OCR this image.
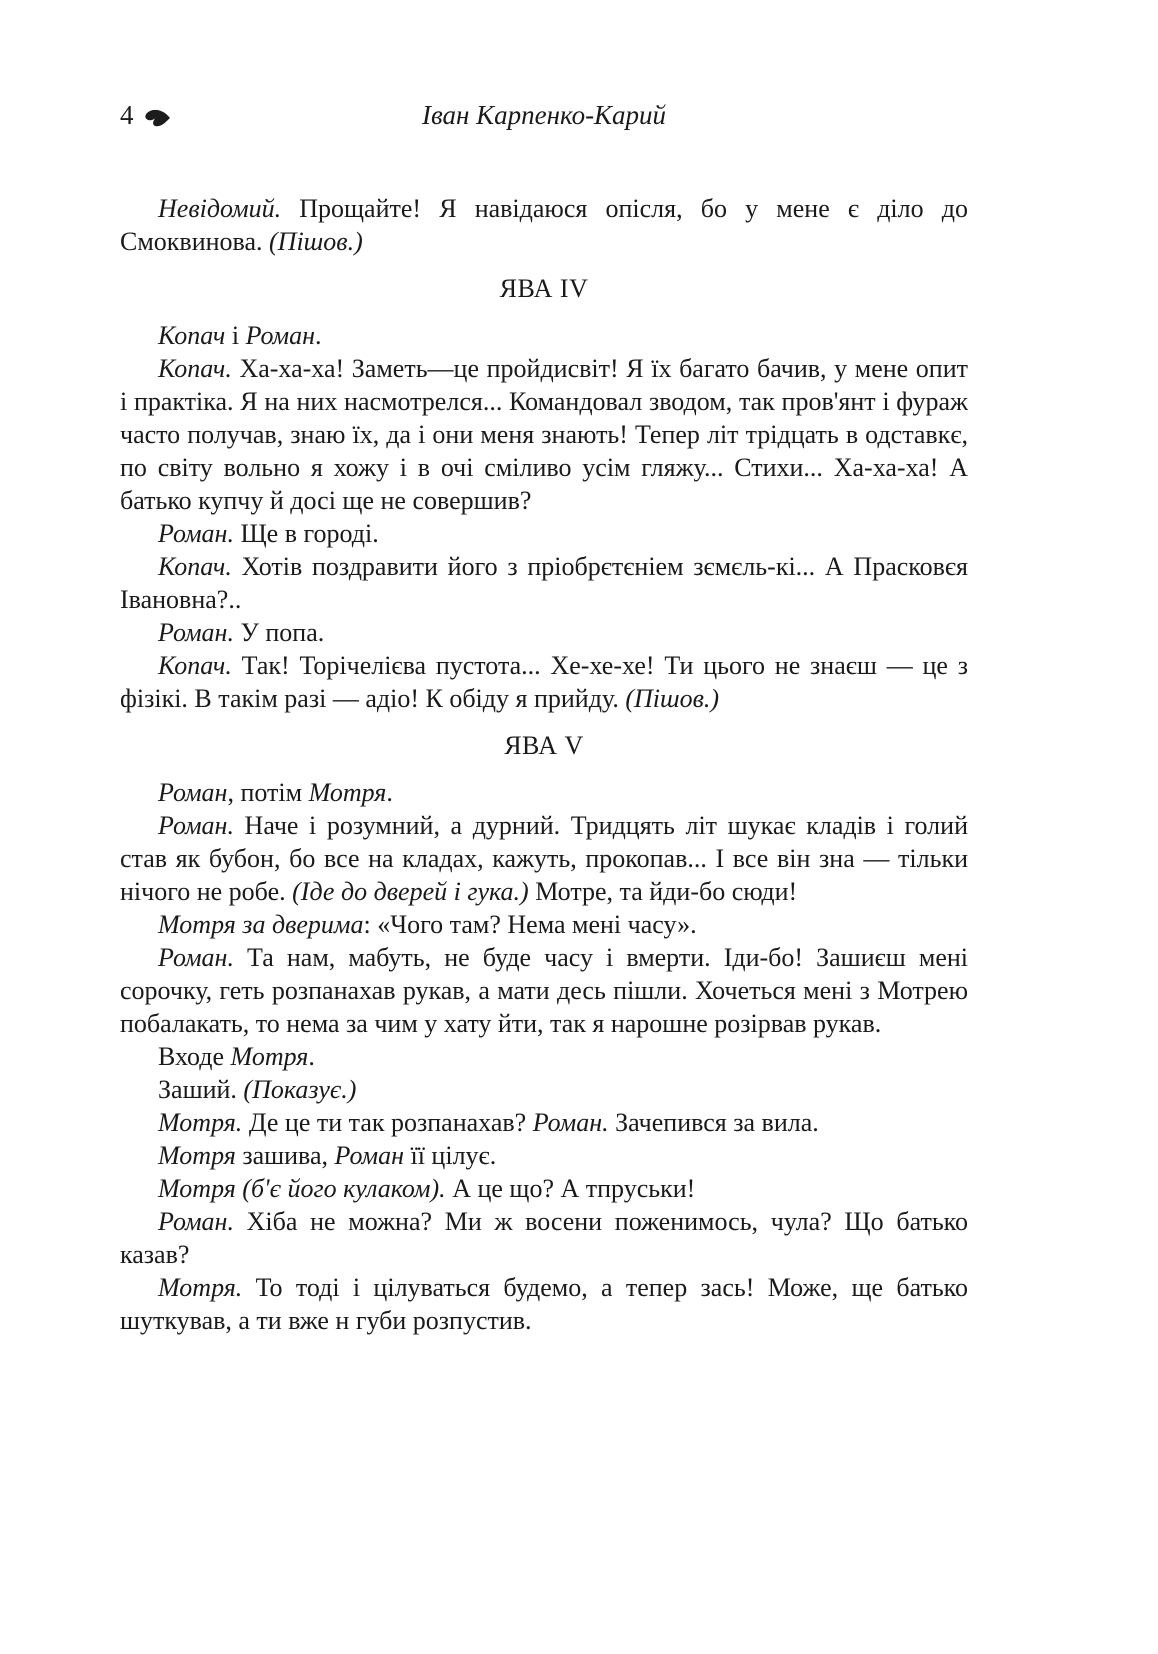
4	Іван Карпенко-Карий

Невідомий. Прощайте! Я навідаюся опісля, бо у мене є діло до Смоквинова. (Пішов.)

ЯВА IV

Копач і Роман.

Копач. Ха-ха-ха! Заметь—це пройдисвіт! Я їх багато бачив, у мене опит і практіка. Я на них насмотрелся... Командовал зводом, так пров'янт і фураж часто получав, знаю їх, да і они меня знають! Тепер літ трідцать в одставкє, по світу вольно я хожу і в очі сміливо усім гляжу... Стихи... Ха-ха-ха! А батько купчу й досі ще не совершив?

Роман. Ще в городі.

Копач. Хотів поздравити його з пріобрєтєніем зємєль-кі... А Прасковєя Івановна?..

Роман. У попа.

Копач. Так! Торічелієва пустота... Хе-хе-хе! Ти цього не знаєш — це з фізікі. В такім разі — адіо! К обіду я прийду. (Пішов.)

ЯВА V

Роман, потім Мотря.

Роман. Наче і розумний, а дурний. Тридцять літ шукає кладів і голий став як бубон, бо все на кладах, кажуть, прокопав... І все він зна — тільки нічого не робе. (Іде до дверей і гука.) Мотре, та йди-бо сюди!

Мотря за дверима: «Чого там? Нема мені часу».

Роман. Та нам, мабуть, не буде часу і вмерти. Іди-бо! Зашиєш мені сорочку, геть розпанахав рукав, а мати десь пішли. Хочеться мені з Мотрею побалакать, то нема за чим у хату йти, так я нарошне розірвав рукав.

Входе Мотря.

Заший. (Показує.)

Мотря. Де це ти так розпанахав? Роман. Зачепився за вила.

Мотря зашива, Роман її цілує.

Мотря (б'є його кулаком). А це що? А тпруськи!

Роман. Хіба не можна? Ми ж восени поженимось, чула? Що батько казав?

Мотря. То тоді і цілуваться будемо, а тепер зась! Може, ще батько шуткував, а ти вже н губи розпустив.
